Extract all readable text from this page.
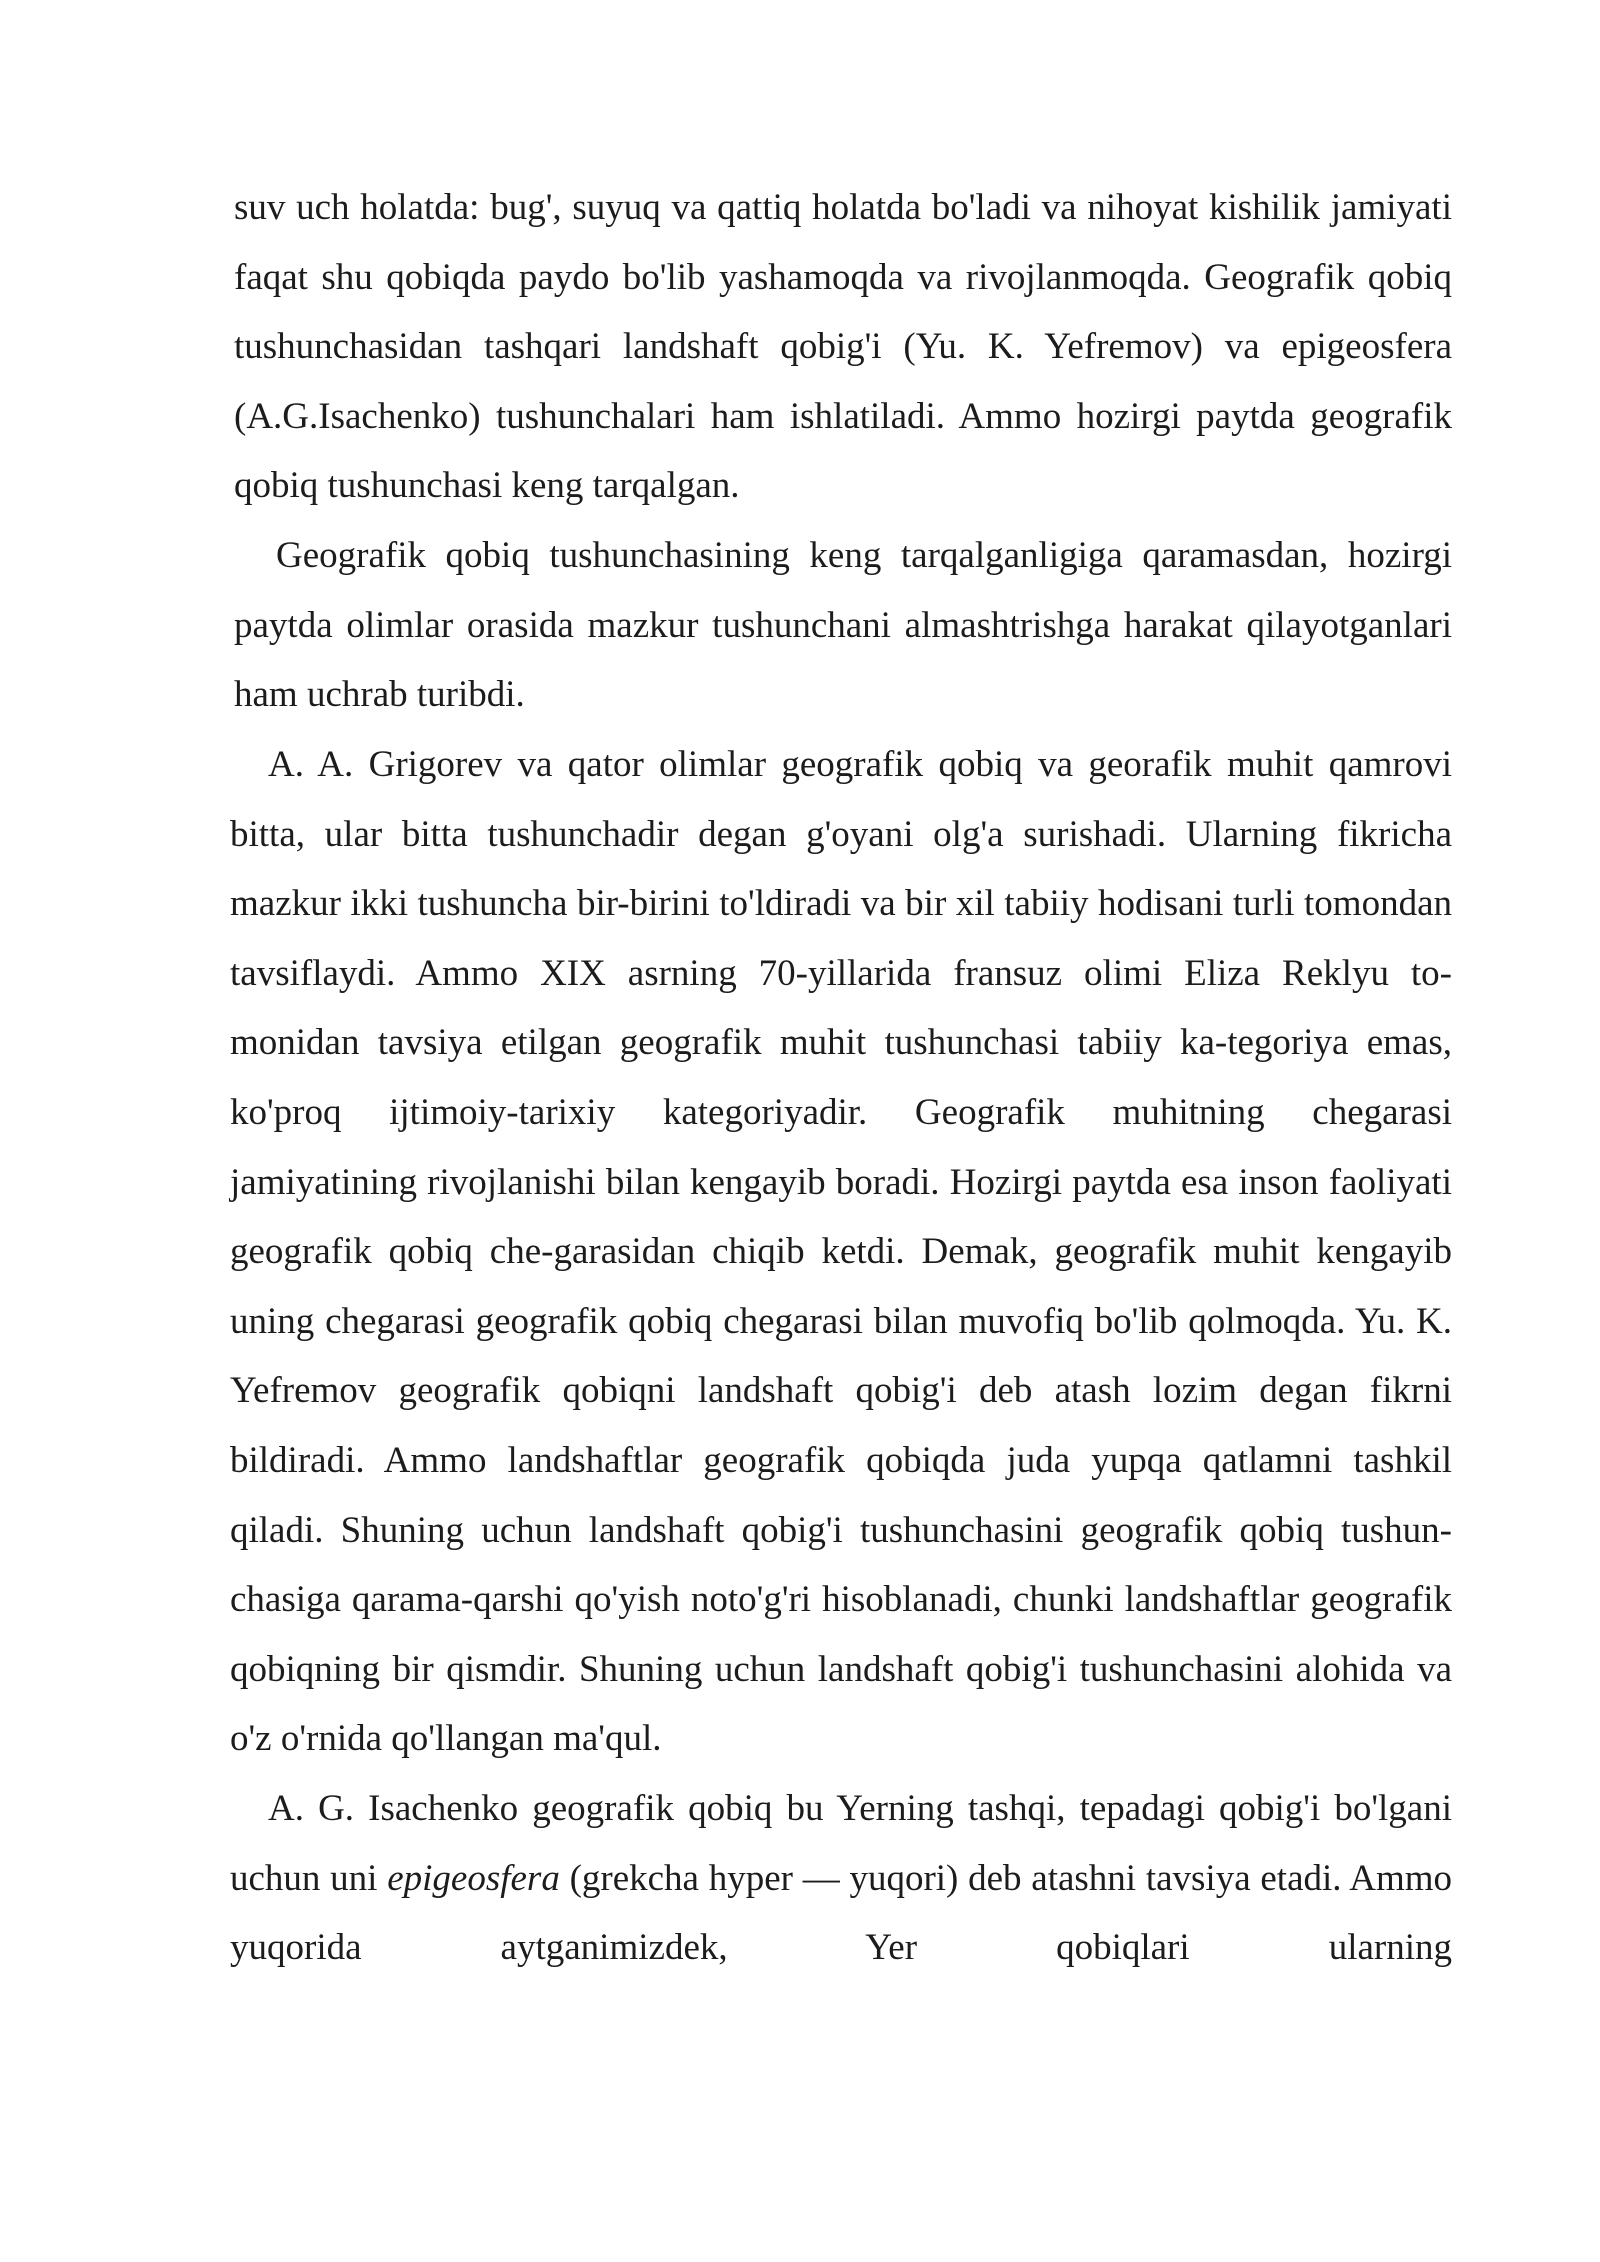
suv uch holatda: bug', suyuq va qattiq holatda bo'ladi va nihoyat kishilik jamiyati faqat shu qobiqda paydo bo'lib yashamoqda va rivojlanmoqda. Geografik qobiq tushunchasidan tashqari landshaft qobig'i (Yu. K. Yefremov) va epigeosfera (A.G.Isachenko) tushunchalari ham ishlatiladi. Ammo hozirgi paytda geografik qobiq tushunchasi keng tarqalgan.

Geografik qobiq tushunchasining keng tarqalganligiga qaramasdan, hozirgi paytda olimlar orasida mazkur tushunchani almashtrishga harakat qilayotganlari ham uchrab turibdi.

A. A. Grigorev va qator olimlar geografik qobiq va georafik muhit qamrovi bitta, ular bitta tushunchadir degan g'oyani olg'a surishadi. Ularning fikricha mazkur ikki tushuncha bir-birini to'ldiradi va bir xil tabiiy hodisani turli tomondan tavsiflaydi. Ammo XIX asrning 70-yillarida fransuz olimi Eliza Reklyu to-monidan tavsiya etilgan geografik muhit tushunchasi tabiiy ka-tegoriya emas, ko'proq ijtimoiy-tarixiy kategoriyadir. Geografik muhitning chegarasi jamiyatining rivojlanishi bilan kengayib boradi. Hozirgi paytda esa inson faoliyati geografik qobiq che-garasidan chiqib ketdi. Demak, geografik muhit kengayib uning chegarasi geografik qobiq chegarasi bilan muvofiq bo'lib qolmoqda. Yu. K. Yefremov geografik qobiqni landshaft qobig'i deb atash lozim degan fikrni bildiradi. Ammo landshaftlar geografik qobiqda juda yupqa qatlamni tashkil qiladi. Shuning uchun landshaft qobig'i tushunchasini geografik qobiq tushun-chasiga qarama-qarshi qo'yish noto'g'ri hisoblanadi, chunki landshaftlar geografik qobiqning bir qismdir. Shuning uchun landshaft qobig'i tushunchasini alohida va o'z o'rnida qo'llangan ma'qul.

A. G. Isachenko geografik qobiq bu Yerning tashqi, tepadagi qobig'i bo'lgani uchun uni epigeosfera (grekcha hyper — yuqori) deb atashni tavsiya etadi. Ammo yuqorida aytganimizdek, Yer qobiqlari ularning
